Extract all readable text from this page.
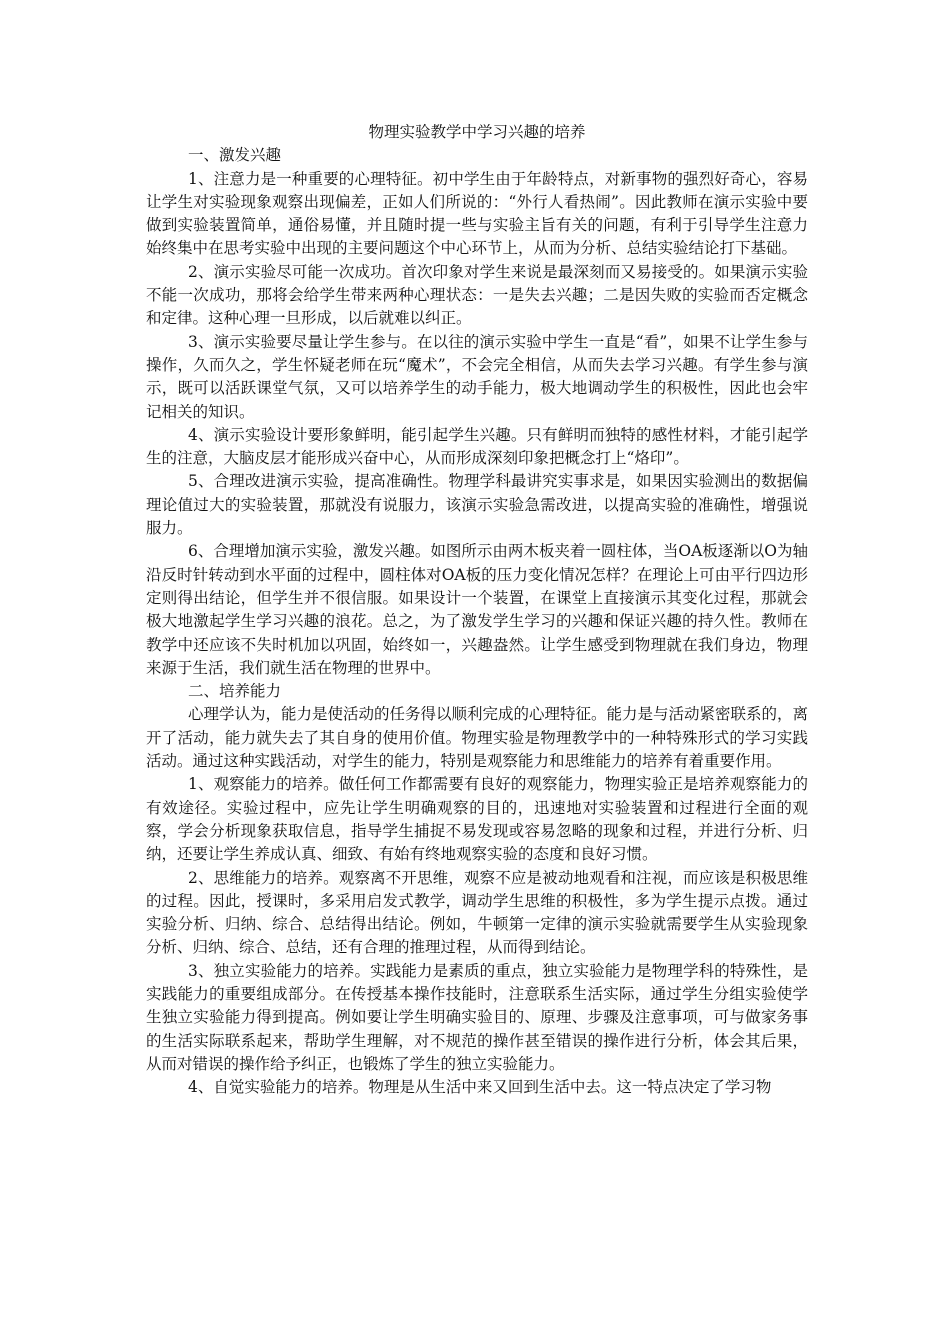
物理实验教学中学习兴趣的培养

一、激发兴趣

1、注意力是一种重要的心理特征。初中学生由于年龄特点，对新事物的强烈好奇心，容易让学生对实验现象观察出现偏差，正如人们所说的：“外行人看热闹”。因此教师在演示实验中要做到实验装置简单，通俗易懂，并且随时提一些与实验主旨有关的问题，有利于引导学生注意力始终集中在思考实验中出现的主要问题这个中心环节上，从而为分析、总结实验结论打下基础。

2、演示实验尽可能一次成功。首次印象对学生来说是最深刻而又易接受的。如果演示实验不能一次成功，那将会给学生带来两种心理状态：一是失去兴趣；二是因失败的实验而否定概念和定律。这种心理一旦形成，以后就难以纠正。

3、演示实验要尽量让学生参与。在以往的演示实验中学生一直是“看”，如果不让学生参与操作，久而久之，学生怀疑老师在玩“魔术”，不会完全相信，从而失去学习兴趣。有学生参与演示，既可以活跃课堂气氛，又可以培养学生的动手能力，极大地调动学生的积极性，因此也会牢记相关的知识。

4、演示实验设计要形象鲜明，能引起学生兴趣。只有鲜明而独特的感性材料，才能引起学生的注意，大脑皮层才能形成兴奋中心，从而形成深刻印象把概念打上“烙印”。

5、合理改进演示实验，提高准确性。物理学科最讲究实事求是，如果因实验测出的数据偏理论值过大的实验装置，那就没有说服力，该演示实验急需改进，以提高实验的准确性，增强说服力。

6、合理增加演示实验，激发兴趣。如图所示由两木板夹着一圆柱体，当OA板逐渐以O为轴沿反时针转动到水平面的过程中，圆柱体对OA板的压力变化情况怎样？在理论上可由平行四边形定则得出结论，但学生并不很信服。如果设计一个装置，在课堂上直接演示其变化过程，那就会极大地激起学生学习兴趣的浪花。总之，为了激发学生学习的兴趣和保证兴趣的持久性。教师在教学中还应该不失时机加以巩固，始终如一，兴趣盎然。让学生感受到物理就在我们身边，物理来源于生活，我们就生活在物理的世界中。

二、培养能力

心理学认为，能力是使活动的任务得以顺利完成的心理特征。能力是与活动紧密联系的，离开了活动，能力就失去了其自身的使用价值。物理实验是物理教学中的一种特殊形式的学习实践活动。通过这种实践活动，对学生的能力，特别是观察能力和思维能力的培养有着重要作用。

1、观察能力的培养。做任何工作都需要有良好的观察能力，物理实验正是培养观察能力的有效途径。实验过程中，应先让学生明确观察的目的，迅速地对实验装置和过程进行全面的观察，学会分析现象获取信息，指导学生捕捉不易发现或容易忽略的现象和过程，并进行分析、归纳，还要让学生养成认真、细致、有始有终地观察实验的态度和良好习惯。

2、思维能力的培养。观察离不开思维，观察不应是被动地观看和注视，而应该是积极思维的过程。因此，授课时，多采用启发式教学，调动学生思维的积极性，多为学生提示点拨。通过实验分析、归纳、综合、总结得出结论。例如，牛顿第一定律的演示实验就需要学生从实验现象分析、归纳、综合、总结，还有合理的推理过程，从而得到结论。

3、独立实验能力的培养。实践能力是素质的重点，独立实验能力是物理学科的特殊性，是实践能力的重要组成部分。在传授基本操作技能时，注意联系生活实际，通过学生分组实验使学生独立实验能力得到提高。例如要让学生明确实验目的、原理、步骤及注意事项，可与做家务事的生活实际联系起来，帮助学生理解，对不规范的操作甚至错误的操作进行分析，体会其后果，从而对错误的操作给予纠正，也锻炼了学生的独立实验能力。

4、自觉实验能力的培养。物理是从生活中来又回到生活中去。这一特点决定了学习物
